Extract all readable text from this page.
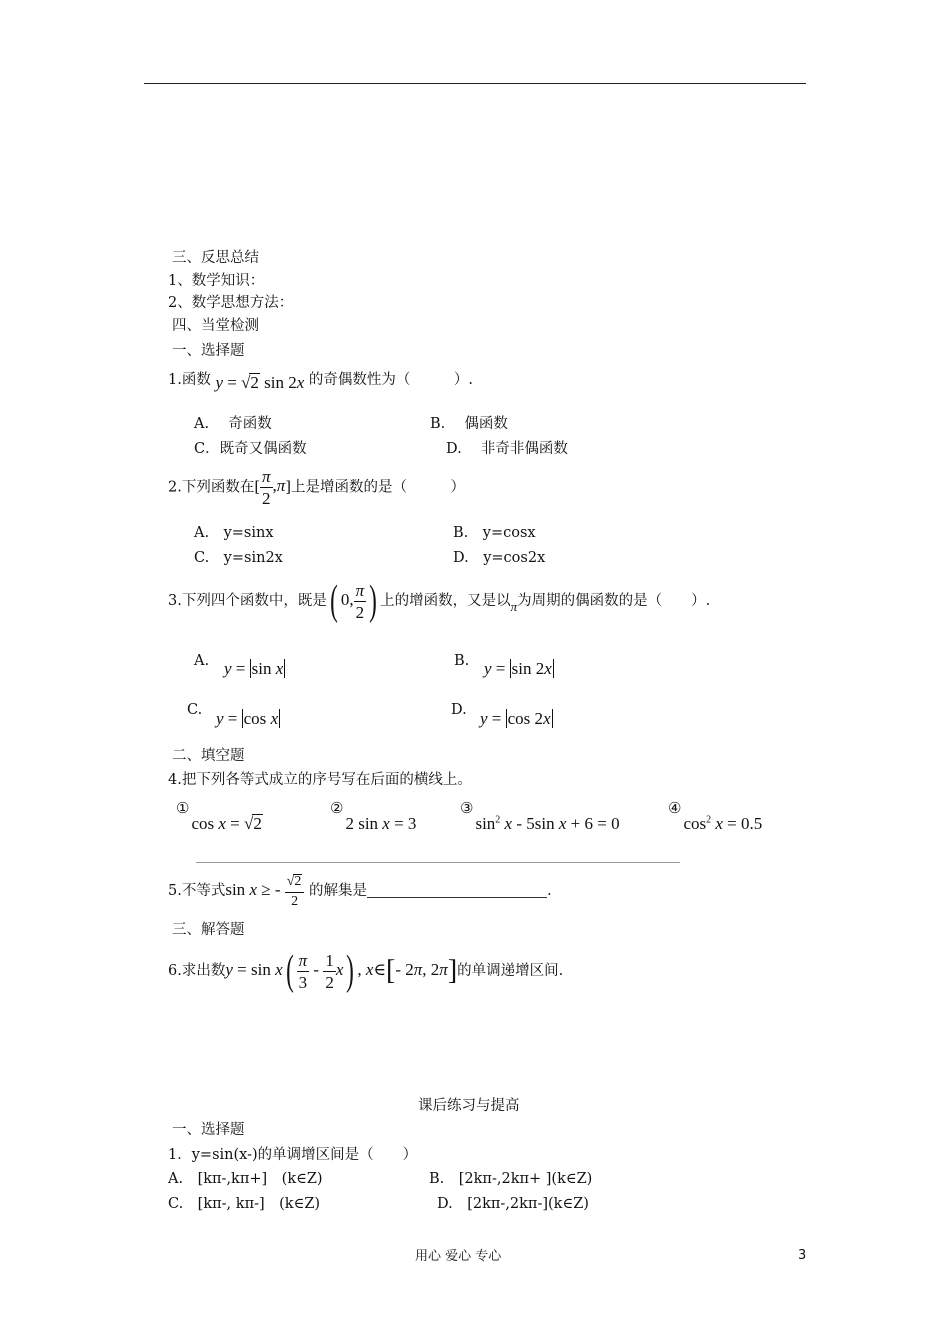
三、反思总结
1、数学知识：
2、数学思想方法：
四、当堂检测
一、选择题
1.函数 y = √2 sin 2x 的奇偶数性为（　　　）.
A.　 奇函数	B.　 偶函数
C．既奇又偶函数	D.　 非奇非偶函数
2.下列函数在[ $\frac{\pi}{2} ,\pi$]上是增函数的是（　　　）
A.　y=sinx	B.　y=cosx
C.　y=sin2x	D.　y=cos2x
3.下列四个函数中，既是( 0, $\frac{\pi}{2}$ ) 上的增函数，又是以π为周期的偶函数的是（　　）.
A. y = sin x	B. y = sin 2x
C. y = cos x	D. y = cos 2x
二、填空题
4.把下列各等式成立的序号写在后面的横线上。
①cos x = √2
②2 sin x = 3
$③\sin^2$ x - 5sin x + 6 = 0
$④\cos^2$ x = 0.5
5.不等式sin x ≥ - $\frac{√2}{2}$ 的解集是	.
三、解答题
6.求出数$y = \sin x( \frac{\pi}{3} - \frac{1}{2} x)$ , x∈[- 2π, 2π]的单调递增区间.
课后练习与提高
一、选择题
1．y=sin(x-)的单调增区间是（　　）
A.　[kπ-,kπ+]　(k∈Z)	B.　[2kπ-,2kπ+ ](k∈Z)
C.　[kπ-, kπ-]　(k∈Z)	D.　[2kπ-,2kπ-](k∈Z)
用心 爱心 专心	3
